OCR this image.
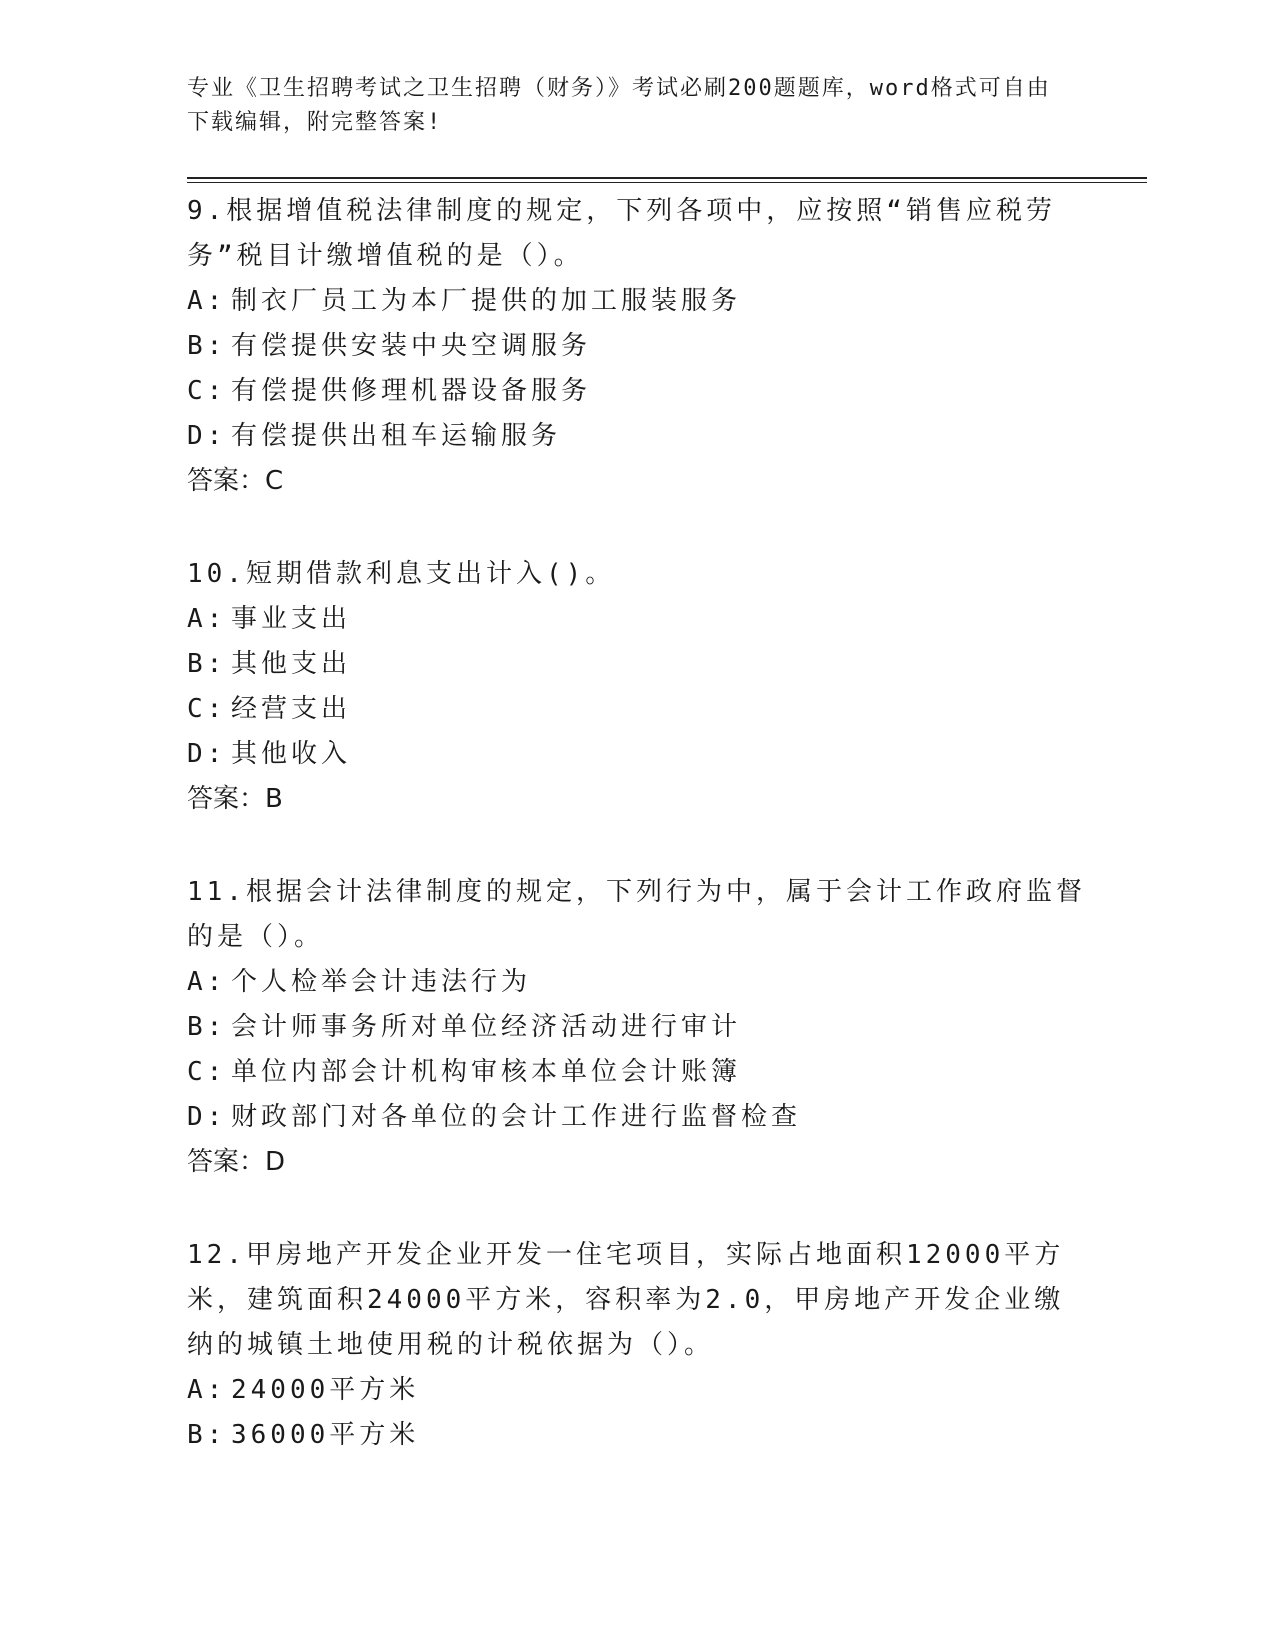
专业《卫生招聘考试之卫生招聘（财务）》考试必刷200题题库，word格式可自由下载编辑，附完整答案!

9.根据增值税法律制度的规定，下列各项中，应按照“销售应税劳务”税目计缴增值税的是（）。

A: 制衣厂员工为本厂提供的加工服装服务

B: 有偿提供安装中央空调服务

C: 有偿提供修理机器设备服务

D: 有偿提供出租车运输服务

答案：C

10.短期借款利息支出计入()。

A: 事业支出

B: 其他支出

C: 经营支出

D: 其他收入

答案：B

11.根据会计法律制度的规定，下列行为中，属于会计工作政府监督的是（）。

A: 个人检举会计违法行为

B: 会计师事务所对单位经济活动进行审计

C: 单位内部会计机构审核本单位会计账簿

D: 财政部门对各单位的会计工作进行监督检查

答案：D

12.甲房地产开发企业开发一住宅项目，实际占地面积12000平方米，建筑面积24000平方米，容积率为2.0，甲房地产开发企业缴纳的城镇土地使用税的计税依据为（）。

A: 24000平方米

B: 36000平方米
